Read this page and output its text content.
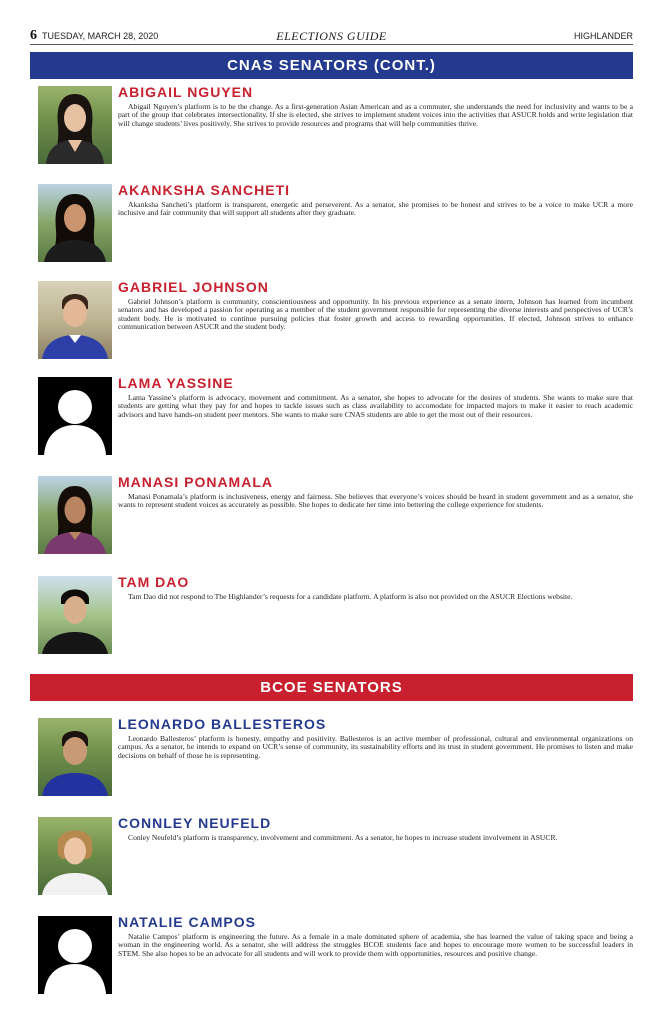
6 TUESDAY, MARCH 28, 2020	ELECTIONS GUIDE	HIGHLANDER
CNAS SENATORS (CONT.)
ABIGAIL NGUYEN

Abigail Nguyen’s platform is to be the change. As a first-generation Asian American and as a commuter, she understands the need for inclusivity and wants to be a part of the group that celebrates intersectionality. If she is elected, she strives to implement student voices into the activities that ASUCR holds and write legislation that will change students’ lives positively. She strives to provide resources and programs that will help communities thrive.

AKANKSHA SANCHETI

Akanksha Sancheti’s platform is transparent, energetic and perseverent. As a senator, she promises to be honest and strives to be a voice to make UCR a more inclusive and fair community that will support all students after they graduate.

GABRIEL JOHNSON

Gabriel Johnson’s platform is community, conscientiousness and opportunity. In his previous experience as a senate intern, Johnson has learned from incumbent senators and has developed a passion for operating as a member of the student government responsible for representing the diverse interests and perspectives of UCR’s student body. He is motivated to continue pursuing policies that foster growth and access to rewarding opportunities. If elected, Johnson strives to enhance communication between ASUCR and the student body.

LAMA YASSINE

Lama Yassine’s platform is advocacy, movement and commitment. As a senator, she hopes to advocate for the desires of students. She wants to make sure that students are getting what they pay for and hopes to tackle issues such as class availability to accomodate for impacted majors to make it easier to reach academic advisors and have hands-on student peer mentors. She wants to make sure CNAS students are able to get the most out of their resources.

MANASI PONAMALA

Manasi Ponamala’s platform is inclusiveness, energy and fairness. She believes that everyone’s voices should be heard in student government and as a senator, she wants to represent student voices as accurately as possible. She hopes to dedicate her time into bettering the college experience for students.

TAM DAO

Tam Dao did not respond to The Highlander’s requests for a candidate platform. A platform is also not provided on the ASUCR Elections website.

BCOE SENATORS
LEONARDO BALLESTEROS

Leonardo Ballesteros’ platform is honesty, empathy and positivity. Ballesteros is an active member of professional, cultural and environmental organizations on campus. As a senator, he intends to expand on UCR’s sense of community, its sustainability efforts and its trust in student government. He promises to listen and make decisions on behalf of those he is representing.

CONNLEY NEUFELD

Conley Neufeld’s platform is transparency, involvement and commitment. As a senator, he hopes to increase student involvement in ASUCR.

NATALIE CAMPOS

Natalie Campos’ platform is engineering the future. As a female in a male dominated sphere of academia, she has learned the value of taking space and being a woman in the engineering world. As a senator, she will address the struggles BCOE students face and hopes to encourage more women to be successful leaders in STEM. She also hopes to be an advocate for all students and will work to provide them with opportunities, resources and positive change.
